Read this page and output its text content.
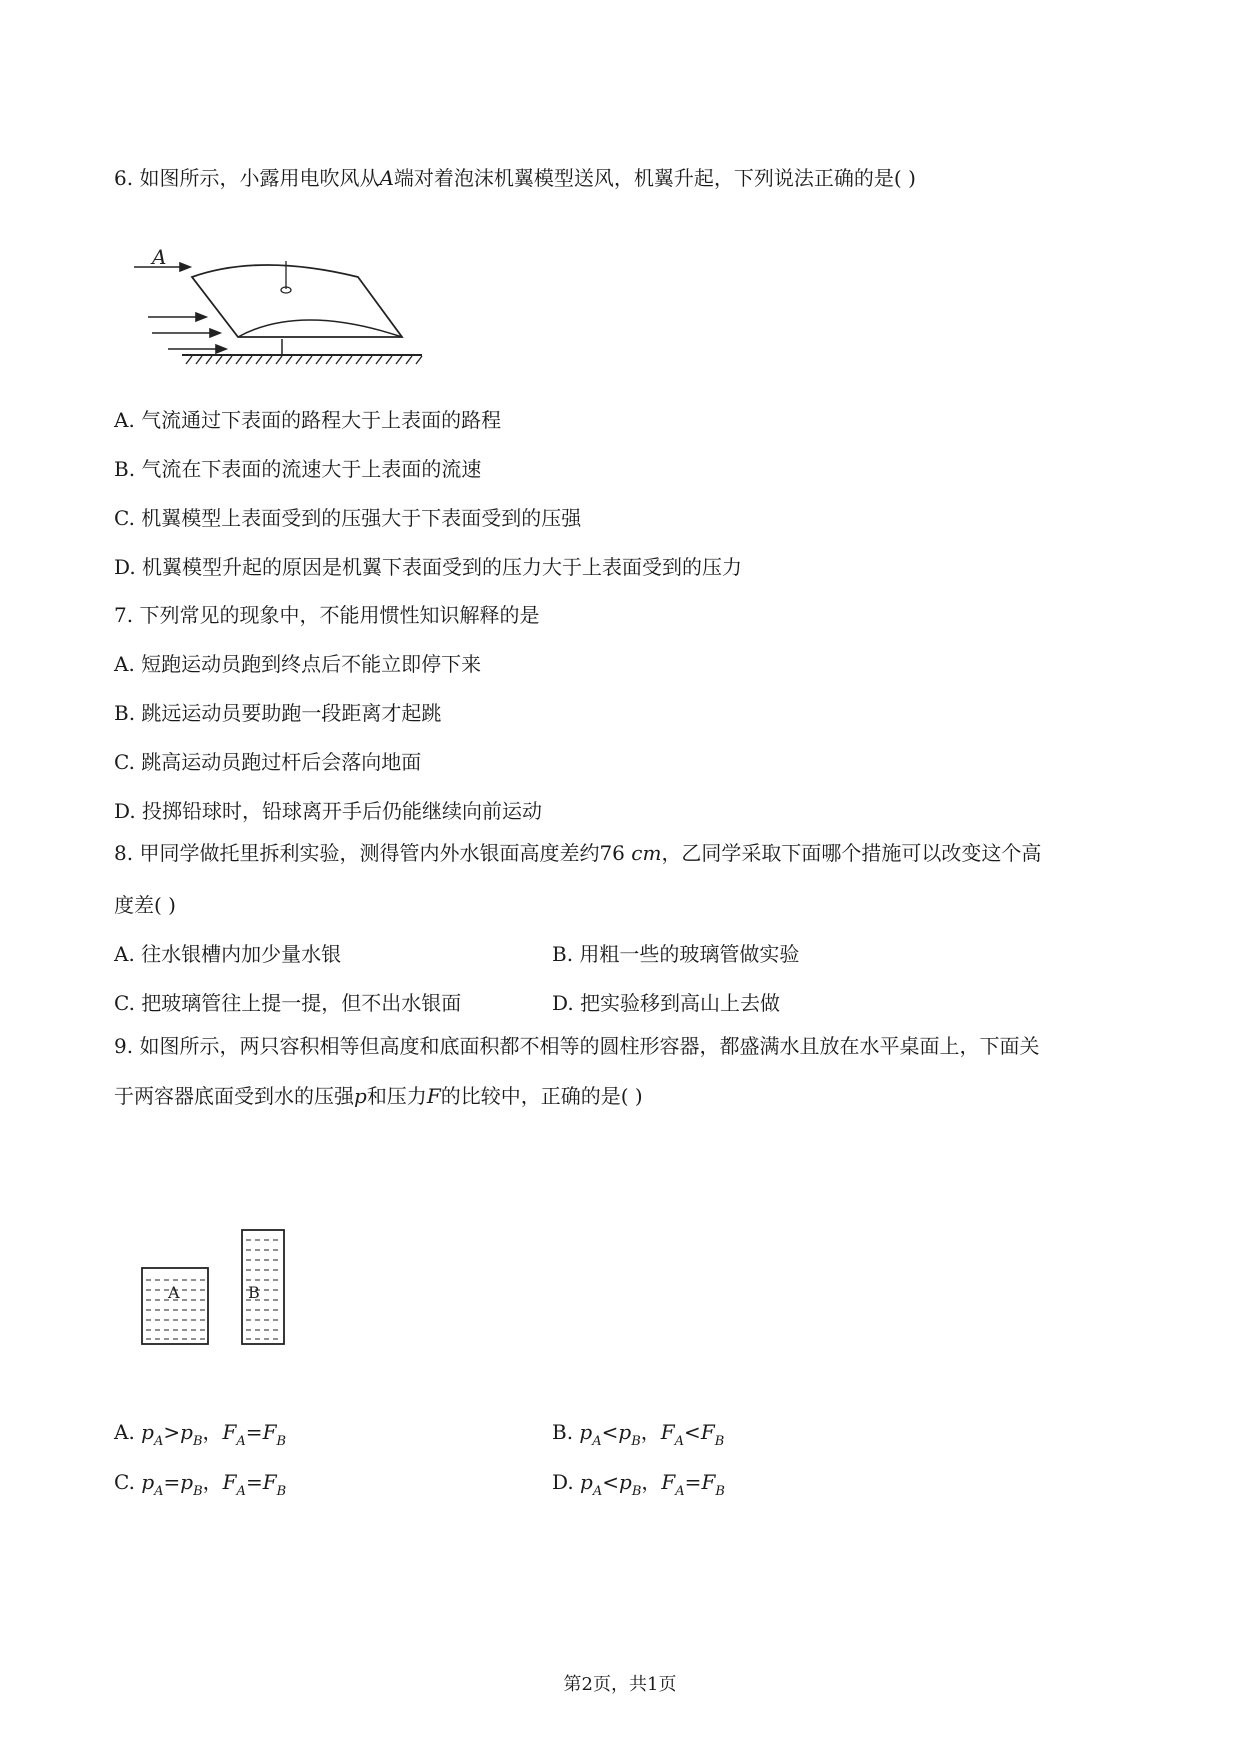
6. 如图所示，小露用电吹风从A端对着泡沫机翼模型送风，机翼升起，下列说法正确的是( )
A
A. 气流通过下表面的路程大于上表面的路程
B. 气流在下表面的流速大于上表面的流速
C. 机翼模型上表面受到的压强大于下表面受到的压强
D. 机翼模型升起的原因是机翼下表面受到的压力大于上表面受到的压力
7. 下列常见的现象中，不能用惯性知识解释的是
A. 短跑运动员跑到终点后不能立即停下来
B. 跳远运动员要助跑一段距离才起跳
C. 跳高运动员跑过杆后会落向地面
D. 投掷铅球时，铅球离开手后仍能继续向前运动
8. 甲同学做托里拆利实验，测得管内外水银面高度差约76 cm，乙同学采取下面哪个措施可以改变这个高
度差( )
A. 往水银槽内加少量水银	B. 用粗一些的玻璃管做实验
C. 把玻璃管往上提一提，但不出水银面	D. 把实验移到高山上去做
9. 如图所示，两只容积相等但高度和底面积都不相等的圆柱形容器，都盛满水且放在水平桌面上，下面关
于两容器底面受到水的压强p和压力F的比较中，正确的是( )
A	B
A. $p_A>p_B$，$F_A=F_B$	B. $p_A<p_B$，$F_A<F_B$
C. $p_A=p_B$，$F_A=F_B$	D. $p_A<p_B$，$F_A=F_B$
第2页，共1页
